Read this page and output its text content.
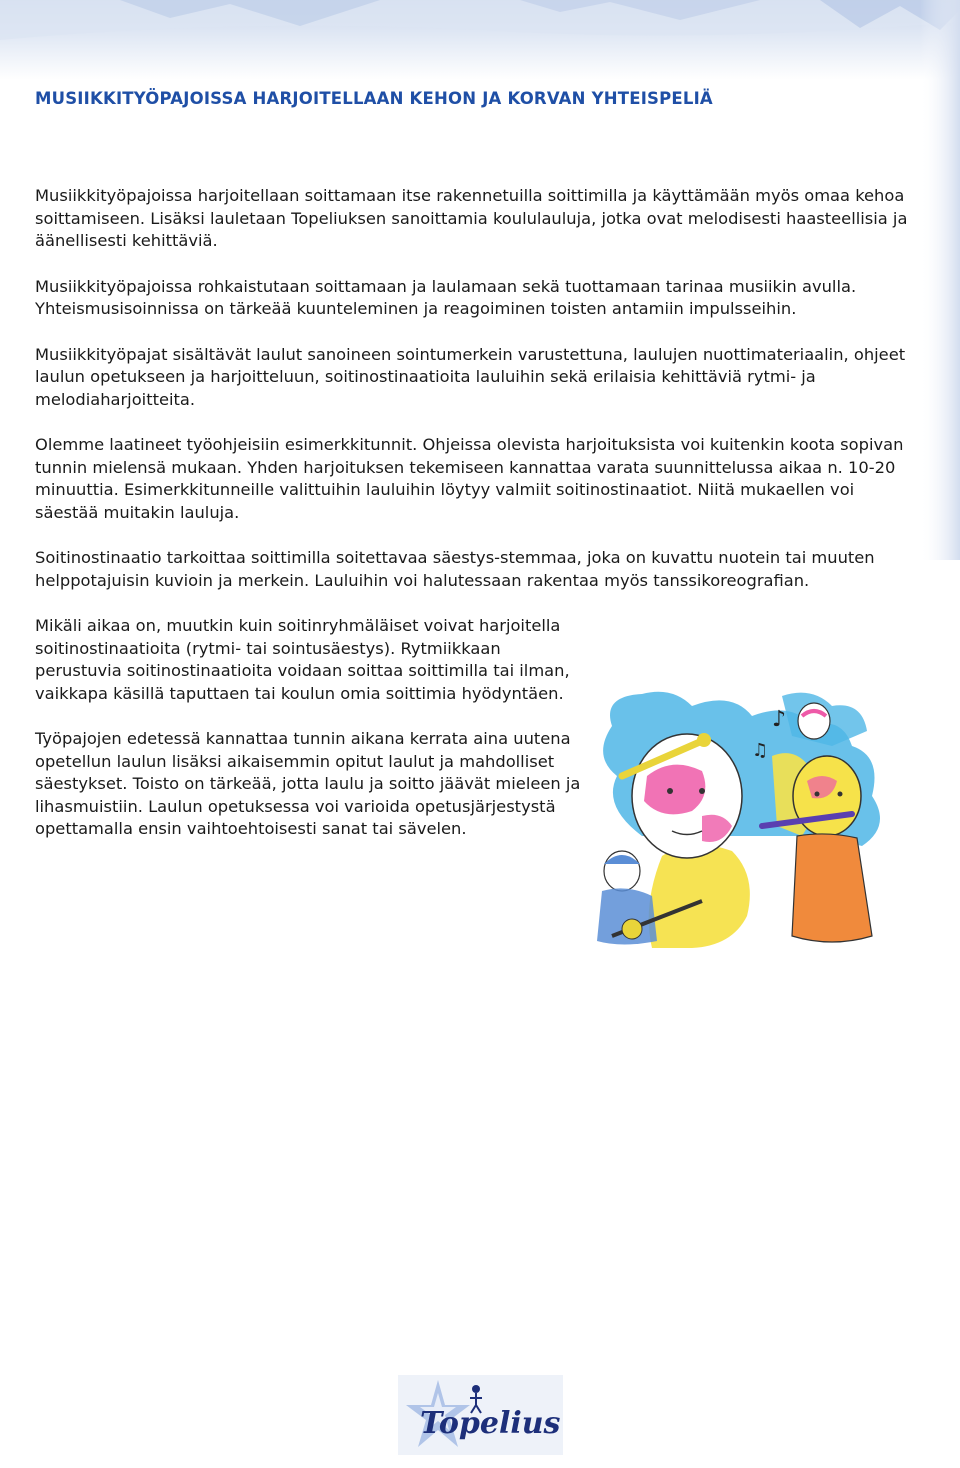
MUSIIKKITYÖPAJOISSA HARJOITELLAAN KEHON JA KORVAN YHTEISPELIÄ

Musiikkityöpajoissa harjoitellaan soittamaan itse rakennetuilla soittimilla ja käyttämään myös omaa kehoa soittamiseen. Lisäksi lauletaan Topeliuksen sanoittamia koululauluja, jotka ovat melodisesti haasteellisia ja äänellisesti kehittäviä.

Musiikkityöpajoissa rohkaistutaan soittamaan ja laulamaan sekä tuottamaan tarinaa musiikin avulla. Yhteismusisoinnissa on tärkeää kuunteleminen ja reagoiminen toisten antamiin impulsseihin.

Musiikkityöpajat sisältävät laulut sanoineen sointumerkein varustettuna, laulujen nuottimateriaalin, ohjeet laulun opetukseen ja harjoitteluun, soitinostinaatioita lauluihin sekä erilaisia kehittäviä rytmi- ja melodiaharjoitteita.

Olemme laatineet työohjeisiin esimerkkitunnit. Ohjeissa olevista harjoituksista voi kuitenkin koota sopivan tunnin mielensä mukaan. Yhden harjoituksen tekemiseen kannattaa varata suunnittelussa aikaa n. 10-20 minuuttia. Esimerkkitunneille valittuihin lauluihin löytyy valmiit soitinostinaatiot. Niitä mukaellen voi säestää muitakin lauluja.

Soitinostinaatio tarkoittaa soittimilla soitettavaa säestys-stemmaa, joka on kuvattu nuotein tai muuten helppotajuisin kuvioin ja merkein. Lauluihin voi halutessaan rakentaa myös tanssikoreografian.

Mikäli aikaa on, muutkin kuin soitinryhmäläiset voivat harjoitella soitinostinaatioita (rytmi- tai sointusäestys). Rytmiikkaan perustuvia soitinostinaatioita voidaan soittaa soittimilla tai ilman, vaikkapa käsillä taputtaen tai koulun omia soittimia hyödyntäen.

Työpajojen edetessä kannattaa tunnin aikana kerrata aina uutena opetellun laulun lisäksi aikaisemmin opitut laulut ja mahdolliset säestykset. Toisto on tärkeää, jotta laulu ja soitto jäävät mieleen ja lihasmuistiin. Laulun opetuksessa voi varioida opetusjärjestystä opettamalla ensin vaihtoehtoisesti sanat tai sävelen.

♪
♫
Topelius
